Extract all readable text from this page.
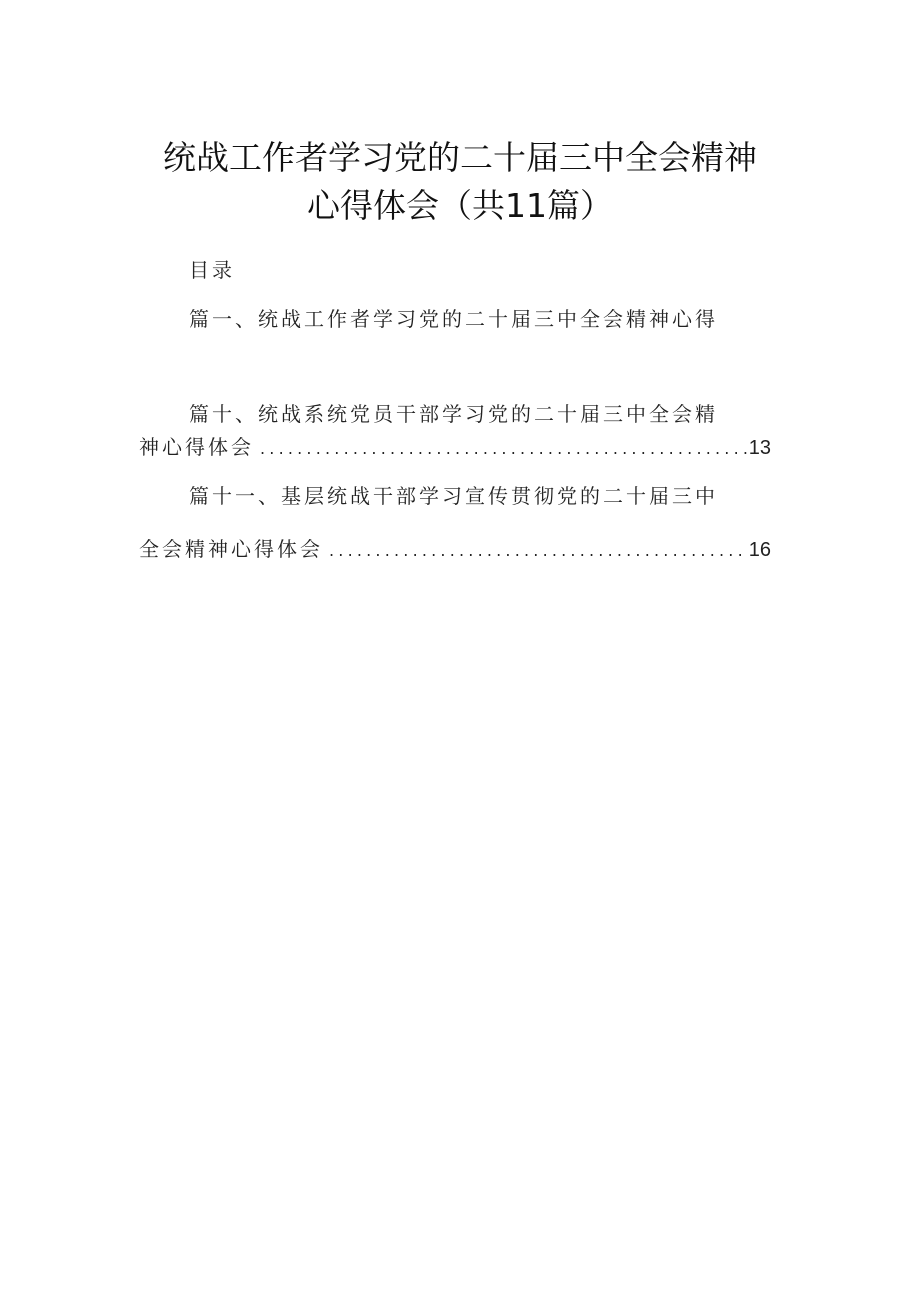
统战工作者学习党的二十届三中全会精神
心得体会（共11篇）
目录
篇一、统战工作者学习党的二十届三中全会精神心得
篇十、统战系统党员干部学习党的二十届三中全会精
神心得体会 .....	13
篇十一、基层统战干部学习宣传贯彻党的二十届三中
全会精神心得体会 .....	16
